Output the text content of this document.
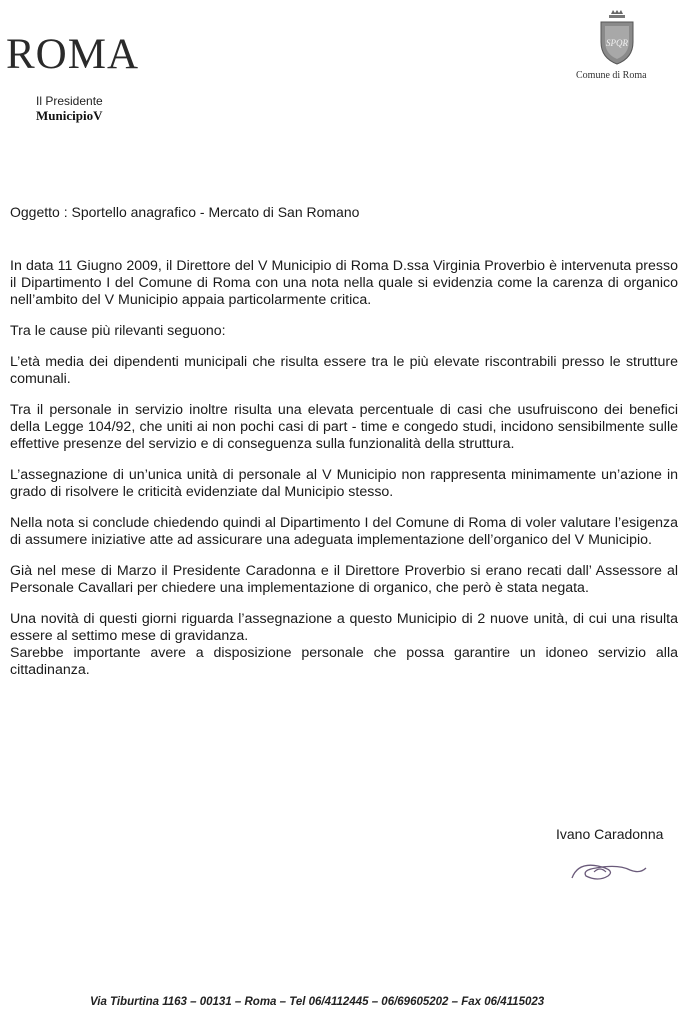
ROMA
Il Presidente
MunicipioV
SPQR
Comune di Roma
Oggetto : Sportello anagrafico - Mercato di San Romano

In data 11 Giugno 2009, il Direttore del V Municipio di Roma D.ssa Virginia Proverbio è intervenuta presso il Dipartimento I del Comune di Roma con una nota nella quale si evidenzia come la carenza di organico nell’ambito del V Municipio appaia particolarmente critica.

Tra le cause più rilevanti seguono:

L’età media dei dipendenti municipali che risulta essere tra le più elevate riscontrabili presso le strutture comunali.

Tra il personale in servizio inoltre risulta una elevata percentuale di casi che usufruiscono dei benefici della Legge 104/92, che uniti ai non pochi casi di part - time e congedo studi, incidono sensibilmente sulle effettive presenze del servizio e di conseguenza sulla funzionalità della struttura.

L’assegnazione di un’unica unità di personale al V Municipio non rappresenta minimamente un’azione in grado di risolvere le criticità evidenziate dal Municipio stesso.

Nella nota si conclude chiedendo quindi al Dipartimento I del Comune di Roma di voler valutare l’esigenza di assumere iniziative atte ad assicurare una adeguata implementazione dell’organico del V Municipio.

Già nel mese di Marzo il Presidente Caradonna e il Direttore Proverbio si erano recati dall’ Assessore al Personale Cavallari per chiedere una implementazione di organico, che però è stata negata.

Una novità di questi giorni riguarda l’assegnazione a questo Municipio di 2 nuove unità, di cui una risulta essere al settimo mese di gravidanza.

Sarebbe importante avere a disposizione personale che possa garantire un idoneo servizio alla cittadinanza.

Ivano Caradonna
Via Tiburtina 1163 – 00131 – Roma – Tel 06/4112445 – 06/69605202 – Fax 06/4115023
